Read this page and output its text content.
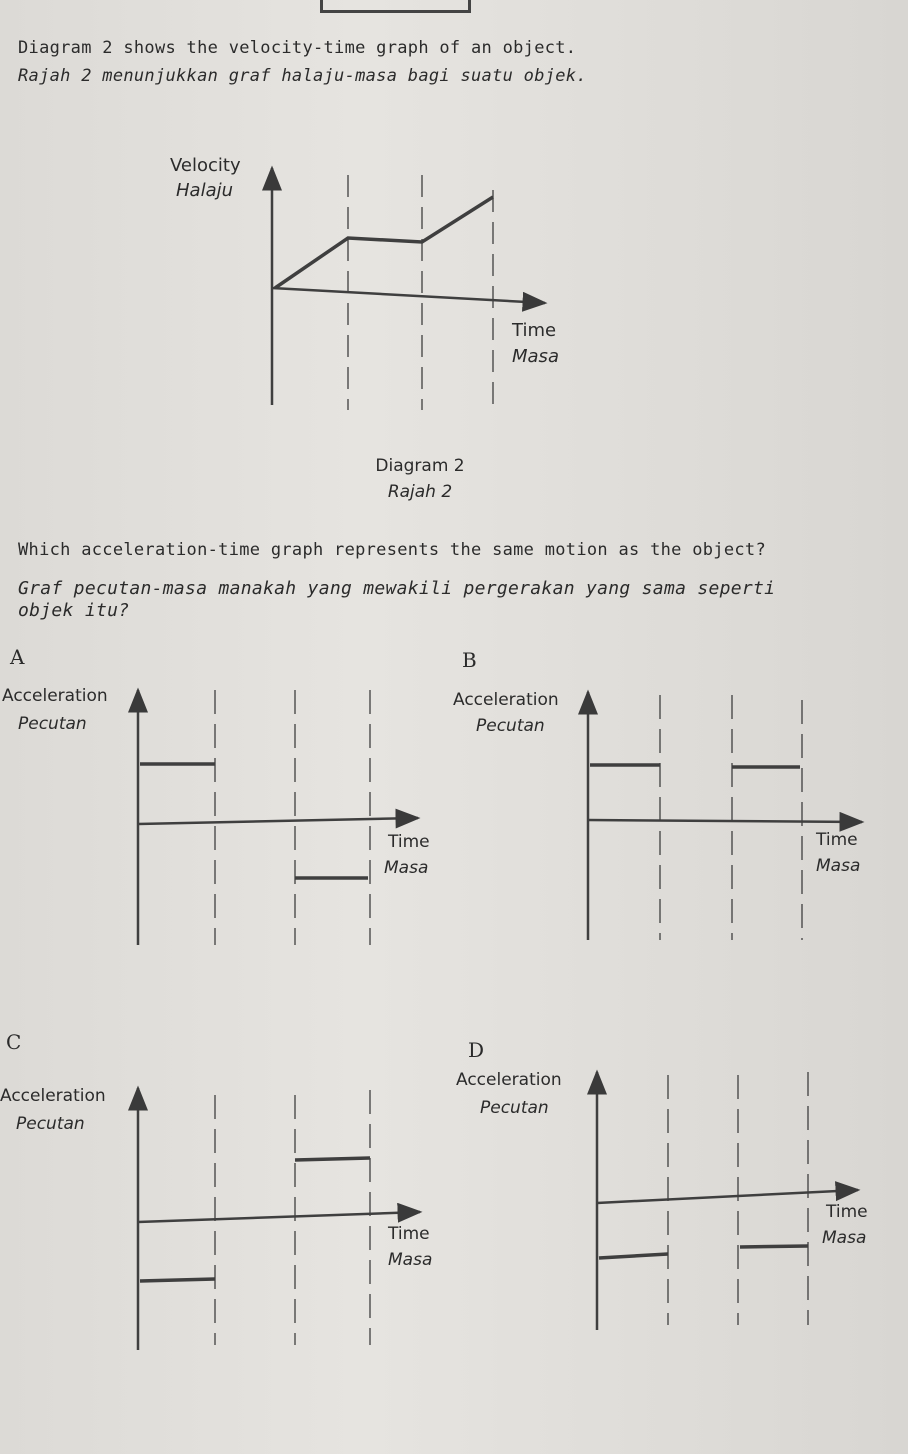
Diagram 2 shows the velocity-time graph of an object.
Rajah 2 menunjukkan graf halaju-masa bagi suatu objek.
Velocity
Halaju
Time
Masa
Diagram 2
Rajah 2
Which acceleration-time graph represents the same motion as the object?
Graf pecutan-masa manakah yang mewakili pergerakan yang sama seperti
objek itu?
A	B
C	D
Acceleration
Pecutan
Time
Masa
Acceleration
Pecutan
Time
Masa
Acceleration
Pecutan
Time
Masa
Acceleration
Pecutan
Time
Masa
